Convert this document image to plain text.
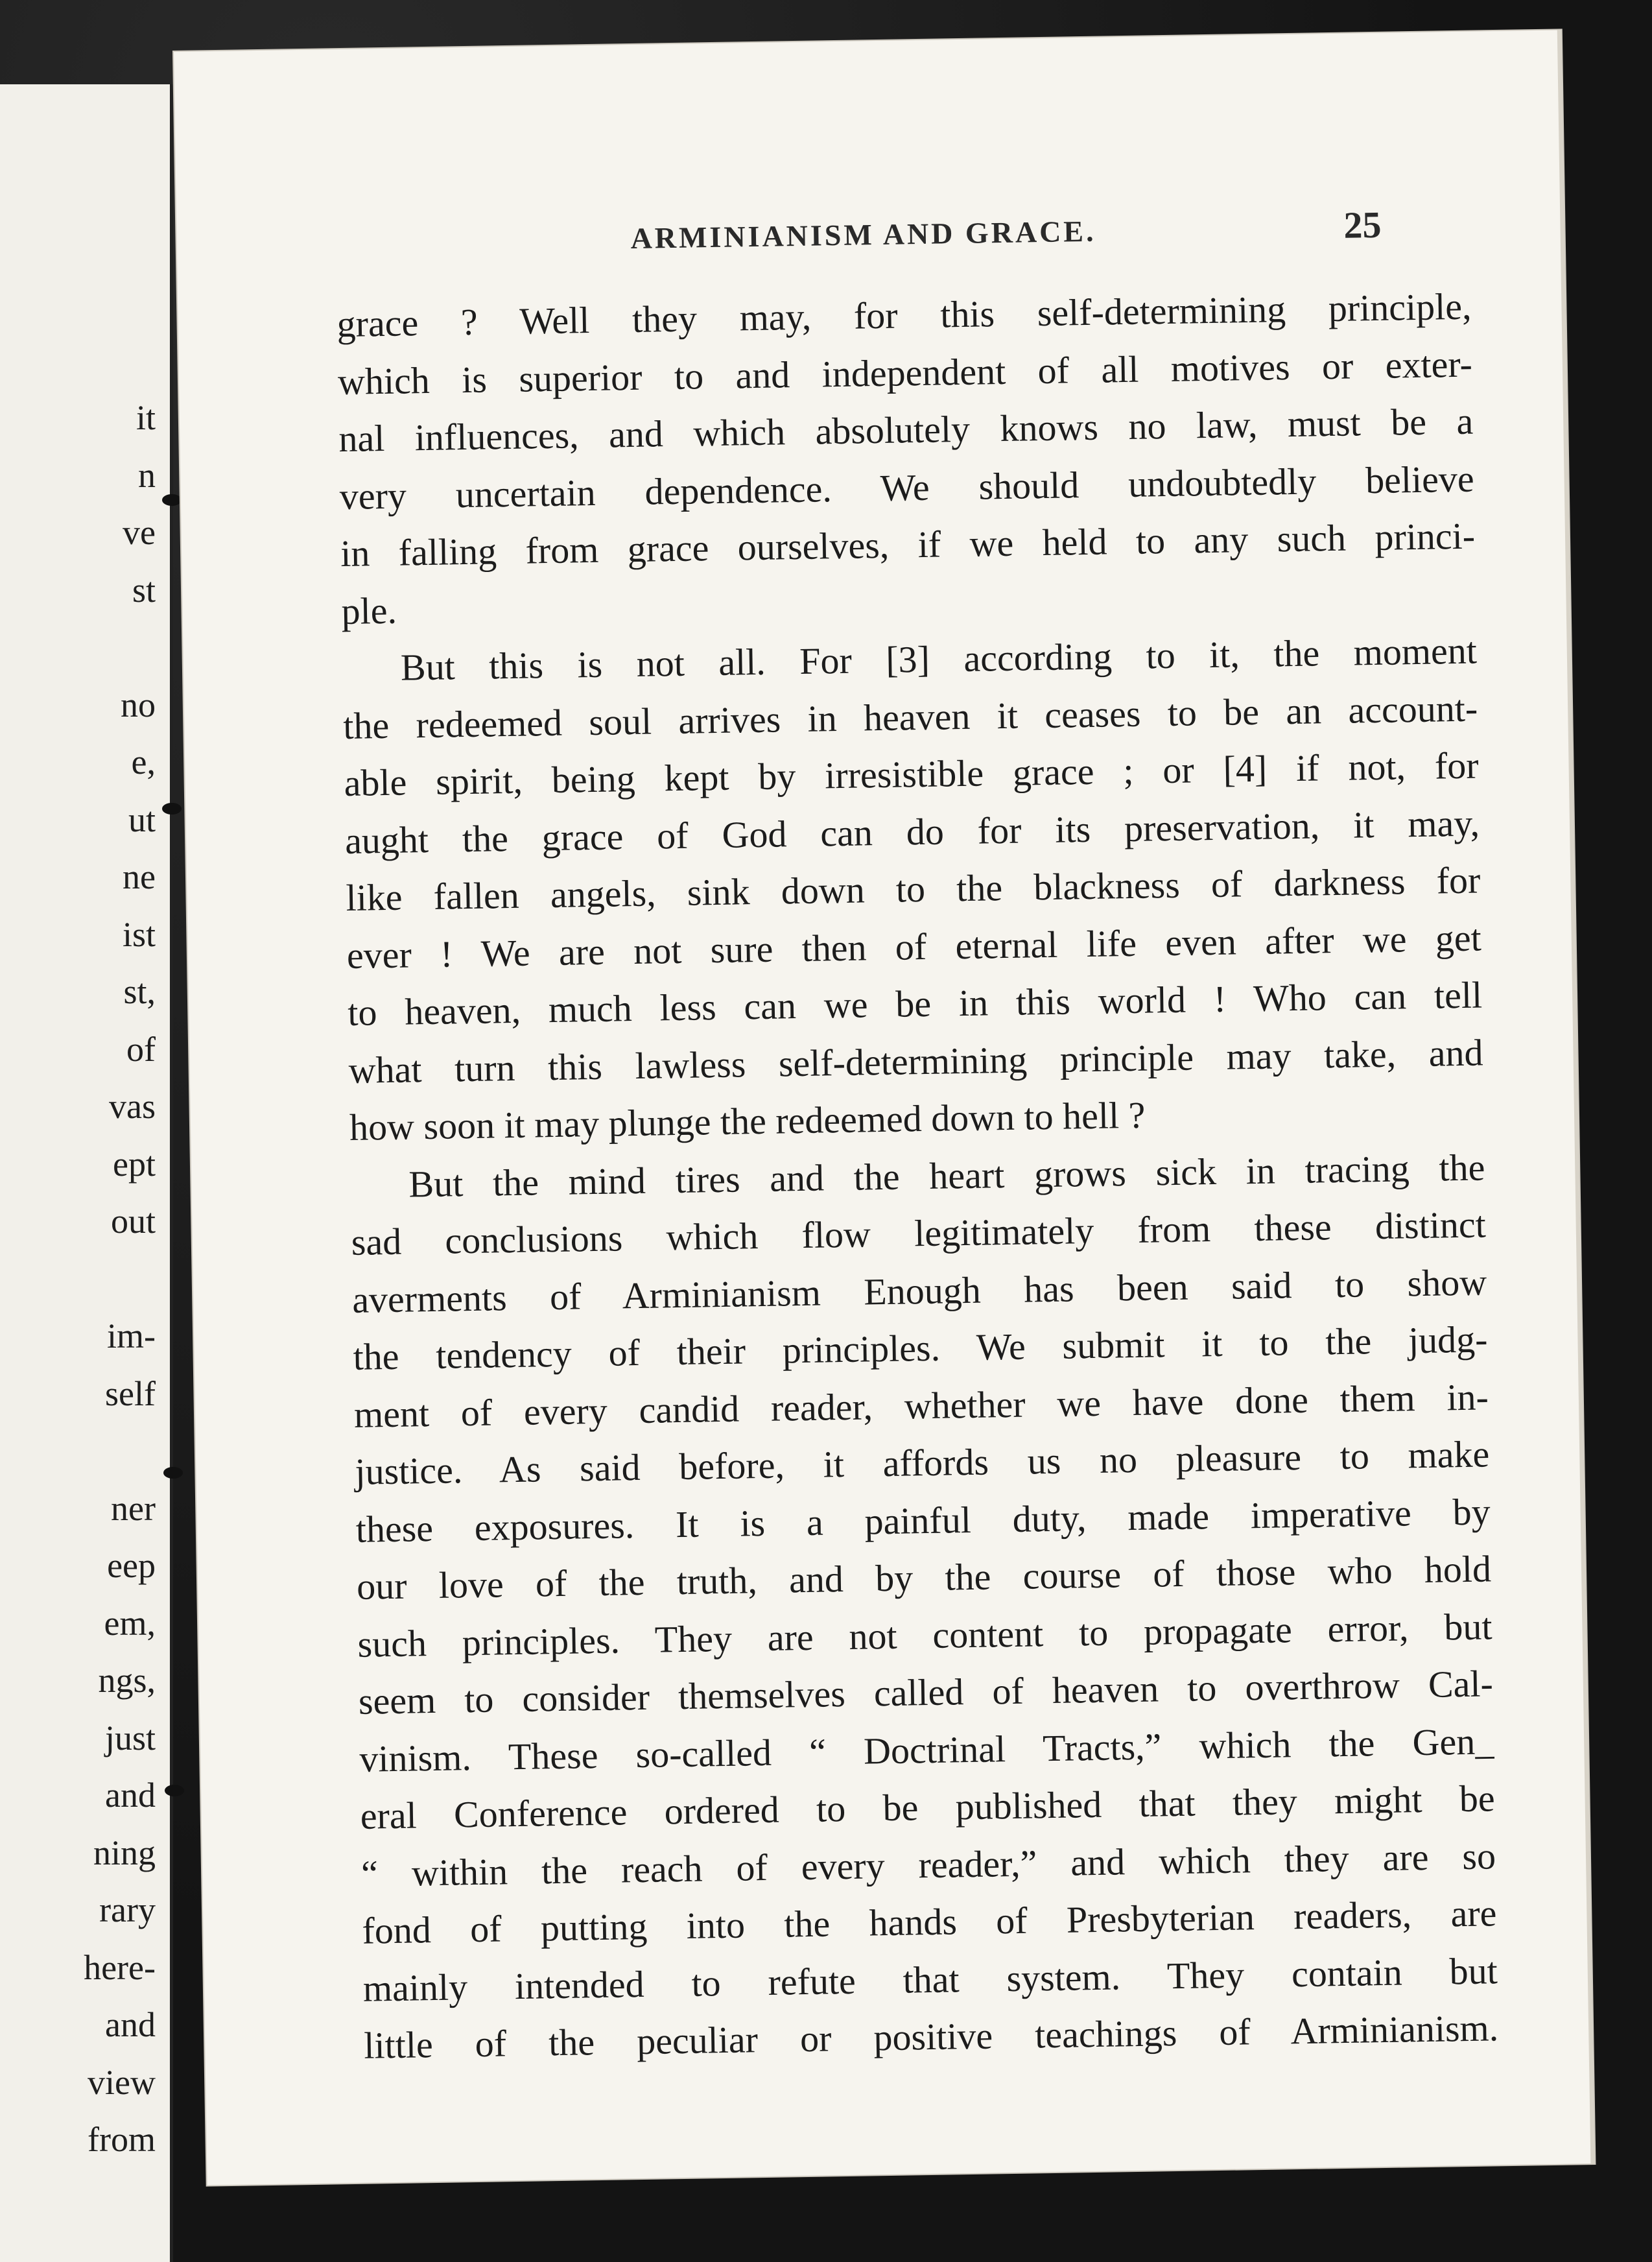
it
n
ve
st
no
e,
ut
ne
ist
st,
of
vas
ept
out
im-
self
ner
eep
em,
ngs,
just
and
ning
rary
here-
and
view
from
ARMINIANISM AND GRACE.	25
grace ? Well they may, for this self-determining principle,
which is superior to and independent of all motives or exter-
nal influences, and which absolutely knows no law, must be a
very uncertain dependence. We should undoubtedly believe
in falling from grace ourselves, if we held to any such princi-
ple.
But this is not all. For [3] according to it, the moment
the redeemed soul arrives in heaven it ceases to be an account-
able spirit, being kept by irresistible grace ; or [4] if not, for
aught the grace of God can do for its preservation, it may,
like fallen angels, sink down to the blackness of darkness for
ever ! We are not sure then of eternal life even after we get
to heaven, much less can we be in this world ! Who can tell
what turn this lawless self-determining principle may take, and
how soon it may plunge the redeemed down to hell ?
But the mind tires and the heart grows sick in tracing the
sad conclusions which flow legitimately from these distinct
averments of Arminianism Enough has been said to show
the tendency of their principles. We submit it to the judg-
ment of every candid reader, whether we have done them in-
justice. As said before, it affords us no pleasure to make
these exposures. It is a painful duty, made imperative by
our love of the truth, and by the course of those who hold
such principles. They are not content to propagate error, but
seem to consider themselves called of heaven to overthrow Cal-
vinism. These so-called “ Doctrinal Tracts,” which the Gen_
eral Conference ordered to be published that they might be
“ within the reach of every reader,” and which they are so
fond of putting into the hands of Presbyterian readers, are
mainly intended to refute that system. They contain but
little of the peculiar or positive teachings of Arminianism.
